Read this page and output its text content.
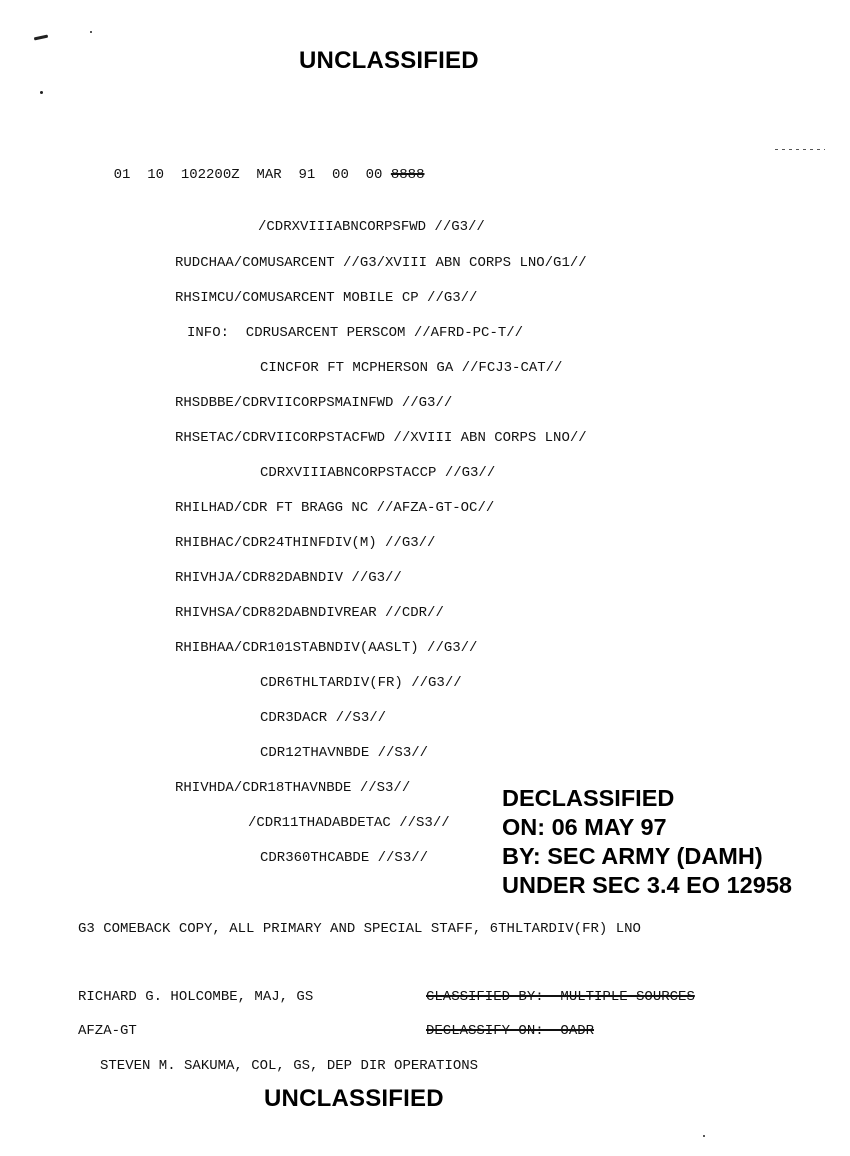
UNCLASSIFIED

01  10  102200Z  MAR  91  00  00 8888

/CDRXVIIIABNCORPSFWD //G3//
RUDCHAA/COMUSARCENT //G3/XVIII ABN CORPS LNO/G1//
RHSIMCU/COMUSARCENT MOBILE CP //G3//
INFO:  CDRUSARCENT PERSCOM //AFRD-PC-T//
CINCFOR FT MCPHERSON GA //FCJ3-CAT//
RHSDBBE/CDRVIICORPSMAINFWD //G3//
RHSETAC/CDRVIICORPSTACFWD //XVIII ABN CORPS LNO//
CDRXVIIIABNCORPSTACCP //G3//
RHILHAD/CDR FT BRAGG NC //AFZA-GT-OC//
RHIBHAC/CDR24THINFDIV(M) //G3//
RHIVHJA/CDR82DABNDIV //G3//
RHIVHSA/CDR82DABNDIVREAR //CDR//
RHIBHAA/CDR101STABNDIV(AASLT) //G3//
CDR6THLTARDIV(FR) //G3//
CDR3DACR //S3//
CDR12THAVNBDE //S3//
RHIVHDA/CDR18THAVNBDE //S3//
/CDR11THADABDETAC //S3//
CDR360THCABDE //S3//
DECLASSIFIED
ON: 06 MAY 97
BY: SEC ARMY (DAMH)
UNDER SEC 3.4 EO 12958
G3 COMEBACK COPY, ALL PRIMARY AND SPECIAL STAFF, 6THLTARDIV(FR) LNO
RICHARD G. HOLCOMBE, MAJ, GS	CLASSIFIED BY:  MULTIPLE SOURCES
AFZA-GT	DECLASSIFY ON:  OADR
STEVEN M. SAKUMA, COL, GS, DEP DIR OPERATIONS
UNCLASSIFIED
